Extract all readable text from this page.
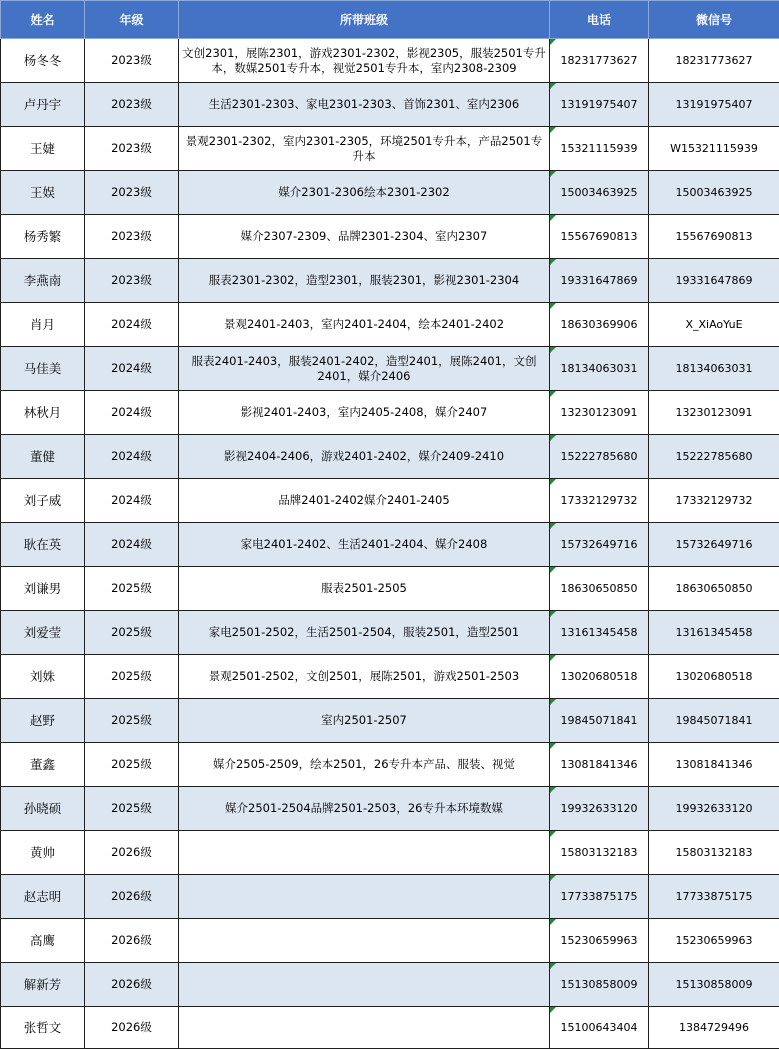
姓名	年级	所带班级	电话	微信号
杨冬冬	2023级	文创2301，展陈2301，游戏2301-2302，影视2305，服装2501专升本，数媒2501专升本，视觉2501专升本，室内2308-2309	18231773627	18231773627
卢丹宇	2023级	生活2301-2303、家电2301-2303、首饰2301、室内2306	13191975407	13191975407
王婕	2023级	景观2301-2302，室内2301-2305，环境2501专升本，产品2501专升本	15321115939	W15321115939
王娱	2023级	媒介2301-2306绘本2301-2302	15003463925	15003463925
杨秀繁	2023级	媒介2307-2309、品牌2301-2304、室内2307	15567690813	15567690813
李燕南	2023级	服表2301-2302，造型2301，服装2301，影视2301-2304	19331647869	19331647869
肖月	2024级	景观2401-2403，室内2401-2404，绘本2401-2402	18630369906	X_XiAoYuE
马佳美	2024级	服表2401-2403，服装2401-2402，造型2401，展陈2401，文创2401，媒介2406	18134063031	18134063031
林秋月	2024级	影视2401-2403，室内2405-2408，媒介2407	13230123091	13230123091
董健	2024级	影视2404-2406，游戏2401-2402，媒介2409-2410	15222785680	15222785680
刘子威	2024级	品牌2401-2402媒介2401-2405	17332129732	17332129732
耿在英	2024级	家电2401-2402、生活2401-2404、媒介2408	15732649716	15732649716
刘谦男	2025级	服表2501-2505	18630650850	18630650850
刘爱莹	2025级	家电2501-2502，生活2501-2504，服装2501，造型2501	13161345458	13161345458
刘姝	2025级	景观2501-2502，文创2501，展陈2501，游戏2501-2503	13020680518	13020680518
赵野	2025级	室内2501-2507	19845071841	19845071841
董鑫	2025级	媒介2505-2509，绘本2501，26专升本产品、服装、视觉	13081841346	13081841346
孙晓硕	2025级	媒介2501-2504品牌2501-2503，26专升本环境数媒	19932633120	19932633120
黄帅	2026级		15803132183	15803132183
赵志明	2026级		17733875175	17733875175
高鹰	2026级		15230659963	15230659963
解新芳	2026级		15130858009	15130858009
张哲文	2026级		15100643404	1384729496
